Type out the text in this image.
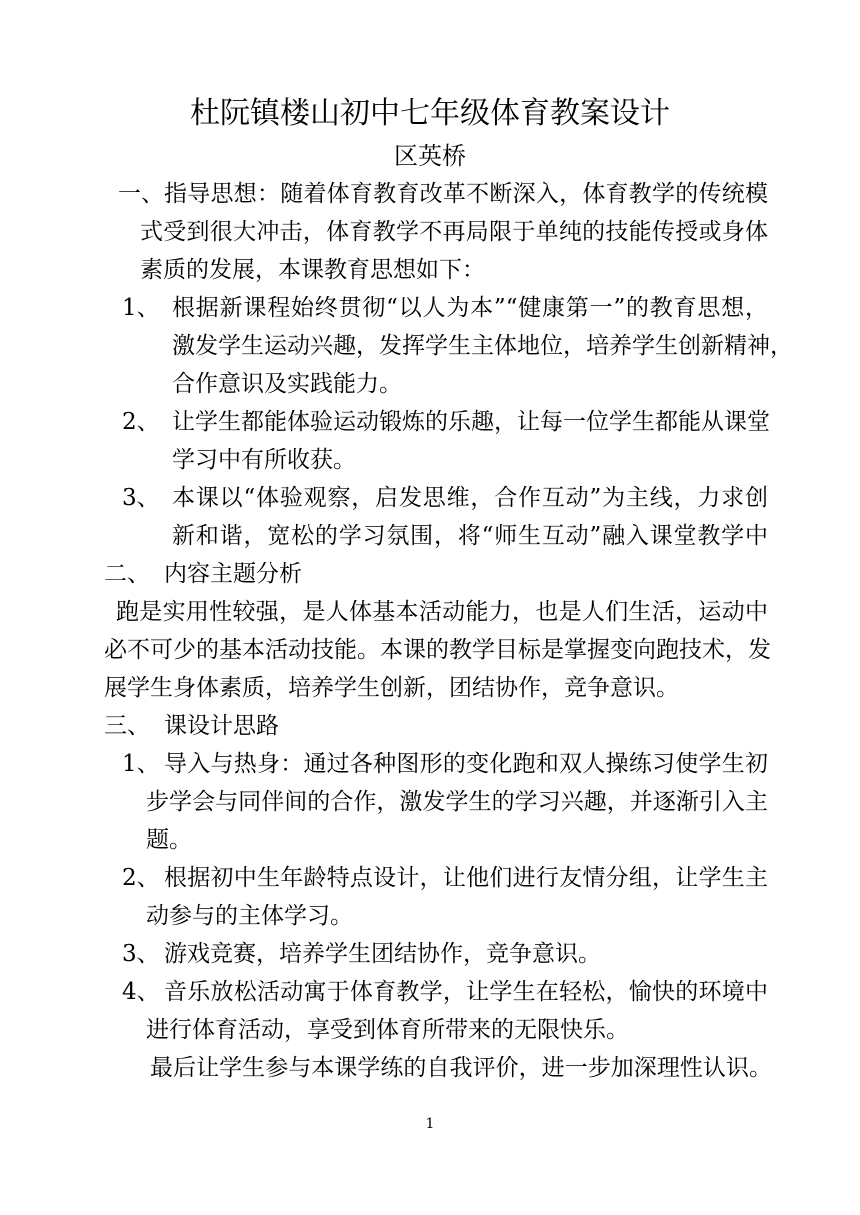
杜阮镇楼山初中七年级体育教案设计
区英桥
一、 指导思想：随着体育教育改革不断深入，体育教学的传统模
式受到很大冲击，体育教学不再局限于单纯的技能传授或身体
素质的发展，本课教育思想如下：
1、 根据新课程始终贯彻“以人为本”“健康第一”的教育思想，
激发学生运动兴趣，发挥学生主体地位，培养学生创新精神，
合作意识及实践能力。
2、 让学生都能体验运动锻炼的乐趣，让每一位学生都能从课堂
学习中有所收获。
3、 本课以“体验观察，启发思维，合作互动”为主线，力求创
新和谐，宽松的学习氛围，将“师生互动”融入课堂教学中
二、 内容主题分析
跑是实用性较强，是人体基本活动能力，也是人们生活，运动中
必不可少的基本活动技能。本课的教学目标是掌握变向跑技术，发
展学生身体素质，培养学生创新，团结协作，竞争意识。
三、 课设计思路
1、 导入与热身：通过各种图形的变化跑和双人操练习使学生初
步学会与同伴间的合作，激发学生的学习兴趣，并逐渐引入主
题。
2、 根据初中生年龄特点设计，让他们进行友情分组，让学生主
动参与的主体学习。
3、 游戏竞赛，培养学生团结协作，竞争意识。
4、 音乐放松活动寓于体育教学，让学生在轻松，愉快的环境中
进行体育活动，享受到体育所带来的无限快乐。
最后让学生参与本课学练的自我评价，进一步加深理性认识。
1
